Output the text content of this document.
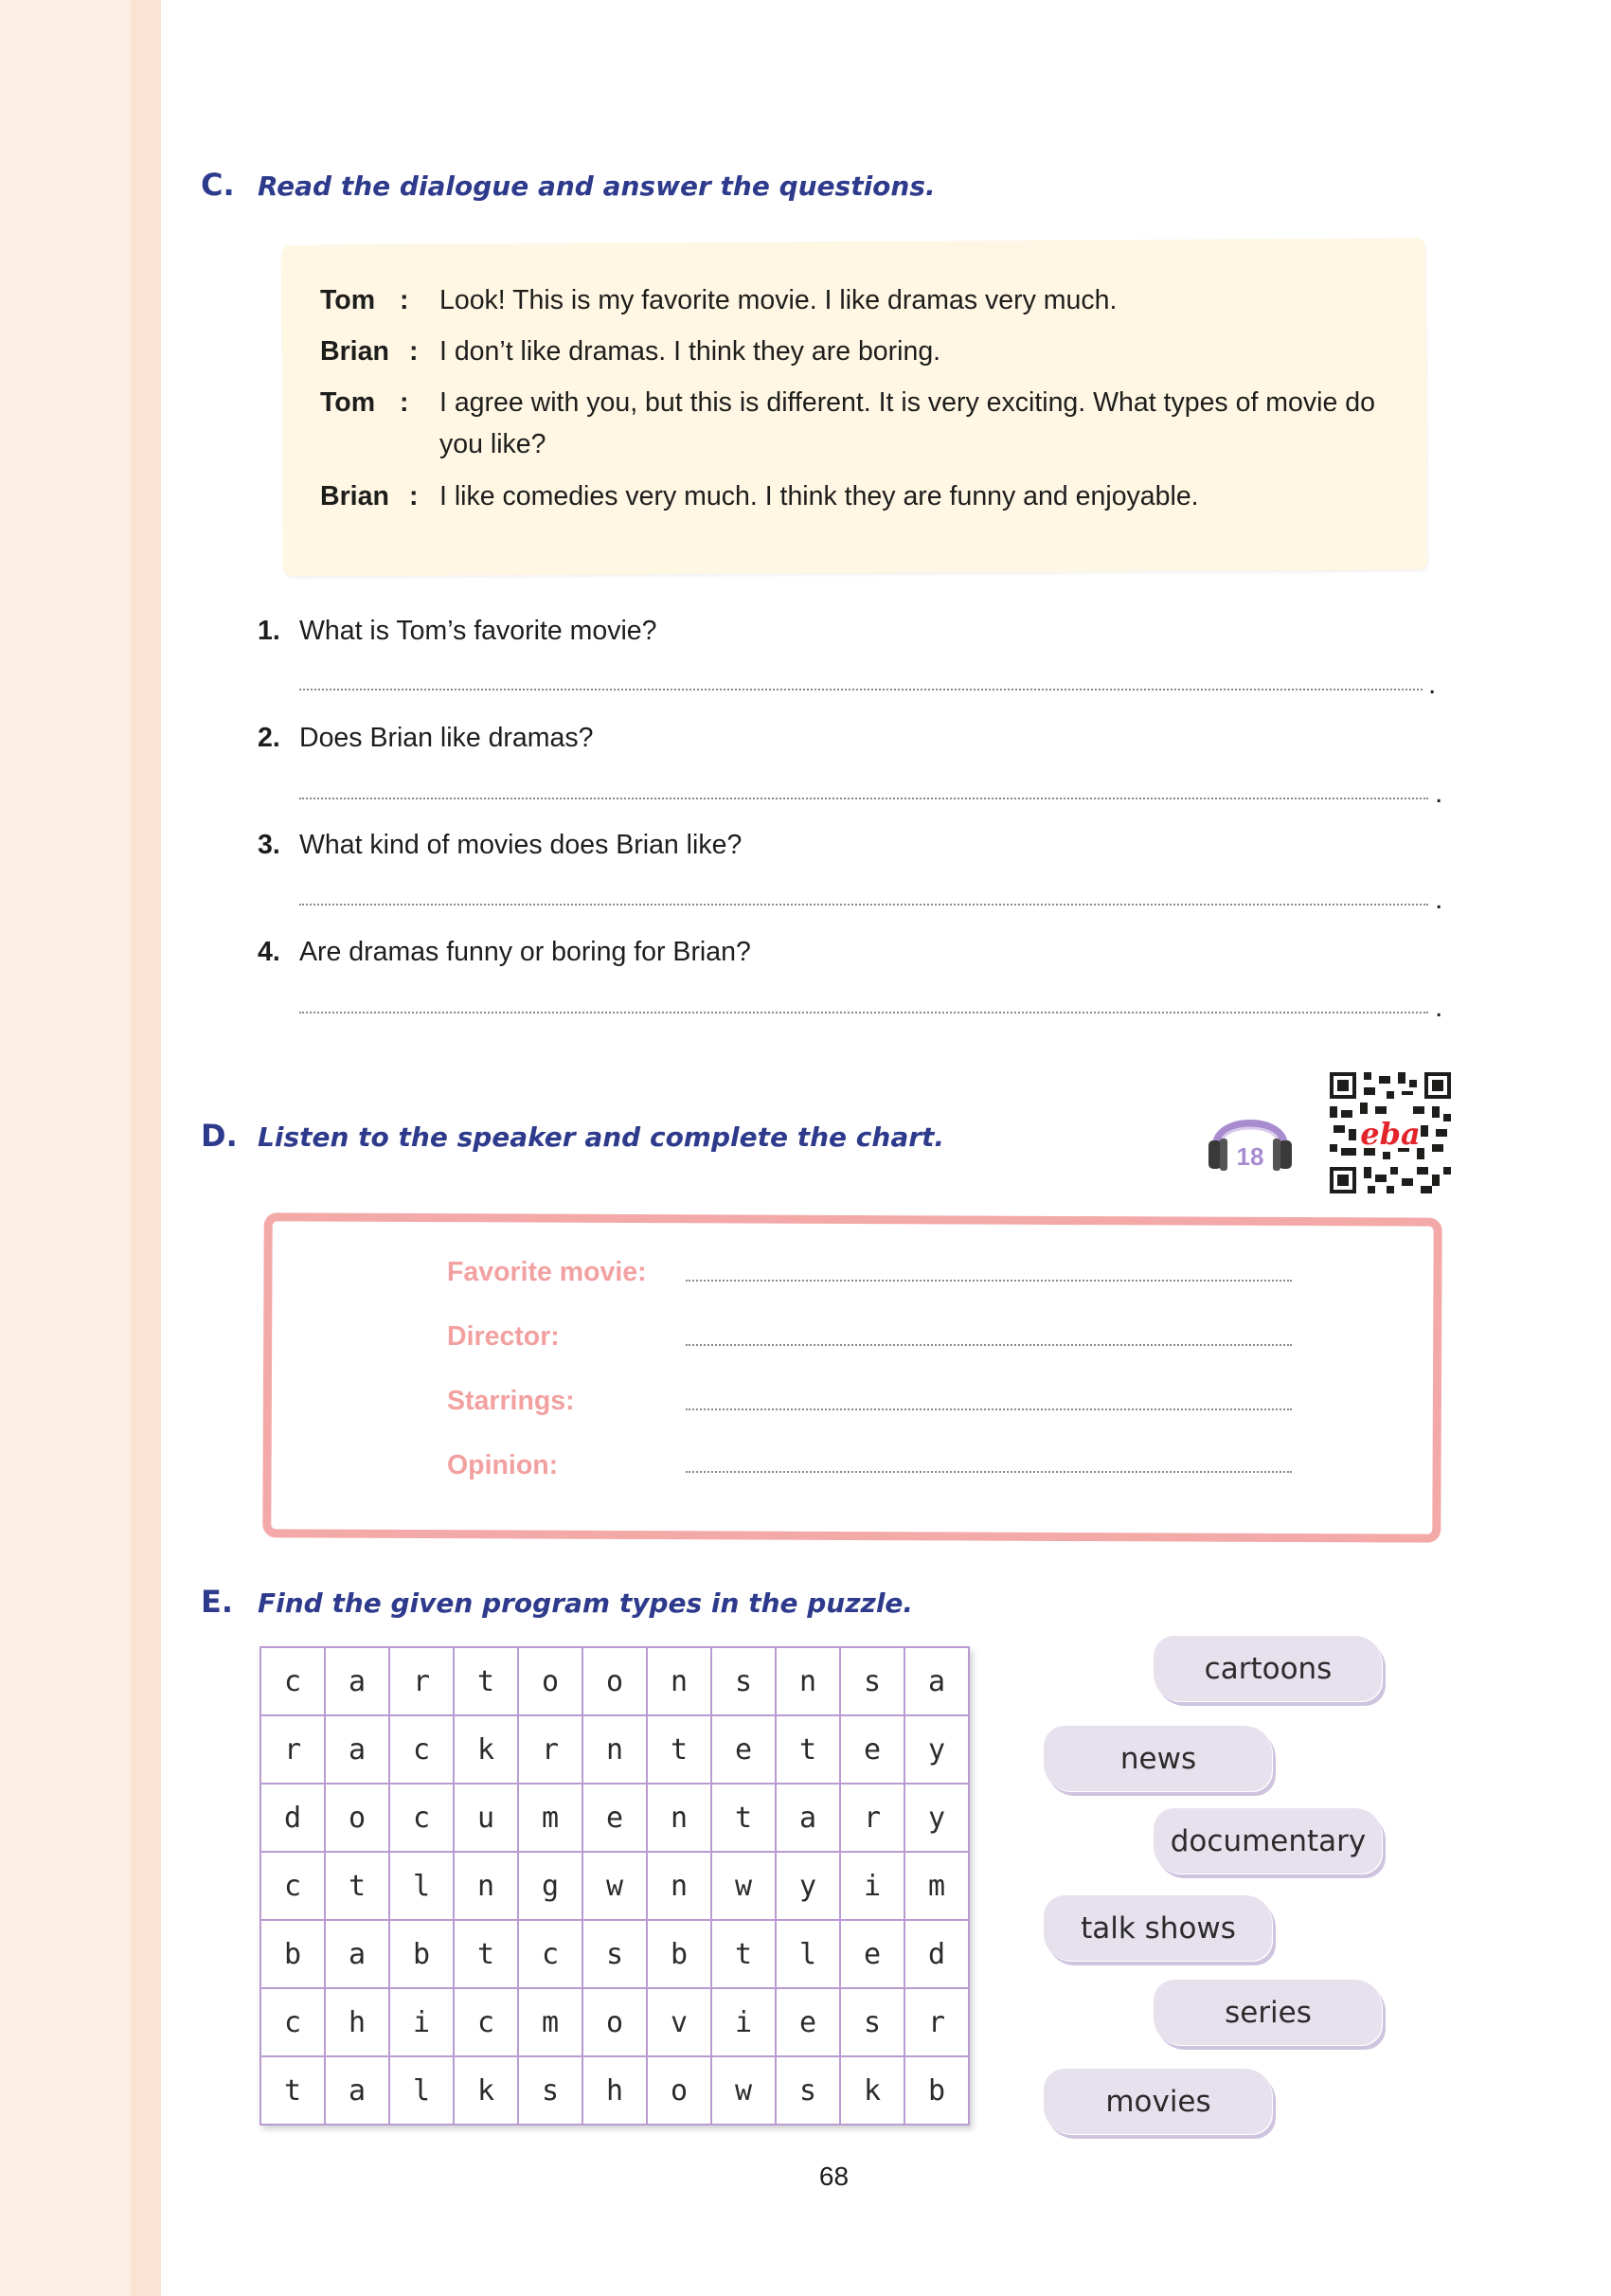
C. Read the dialogue and answer the questions.
Tom : Look! This is my favorite movie. I like dramas very much.
Brian : I don’t like dramas. I think they are boring.
Tom : I agree with you, but this is different. It is very exciting. What types of movie do you like?
Brian : I like comedies very much. I think they are funny and enjoyable.
1. What is Tom’s favorite movie?
.
2. Does Brian like dramas?
.
3. What kind of movies does Brian like?
.
4. Are dramas funny or boring for Brian?
.
D. Listen to the speaker and complete the chart.
18
eba
Favorite movie:
Director:
Starrings:
Opinion:
E. Find the given program types in the puzzle.
c	a	r	t	o	o	n	s	n	s	a
r	a	c	k	r	n	t	e	t	e	y
d	o	c	u	m	e	n	t	a	r	y
c	t	l	n	g	w	n	w	y	i	m
b	a	b	t	c	s	b	t	l	e	d
c	h	i	c	m	o	v	i	e	s	r
t	a	l	k	s	h	o	w	s	k	b
cartoons
news
documentary
talk shows
series
movies
68
